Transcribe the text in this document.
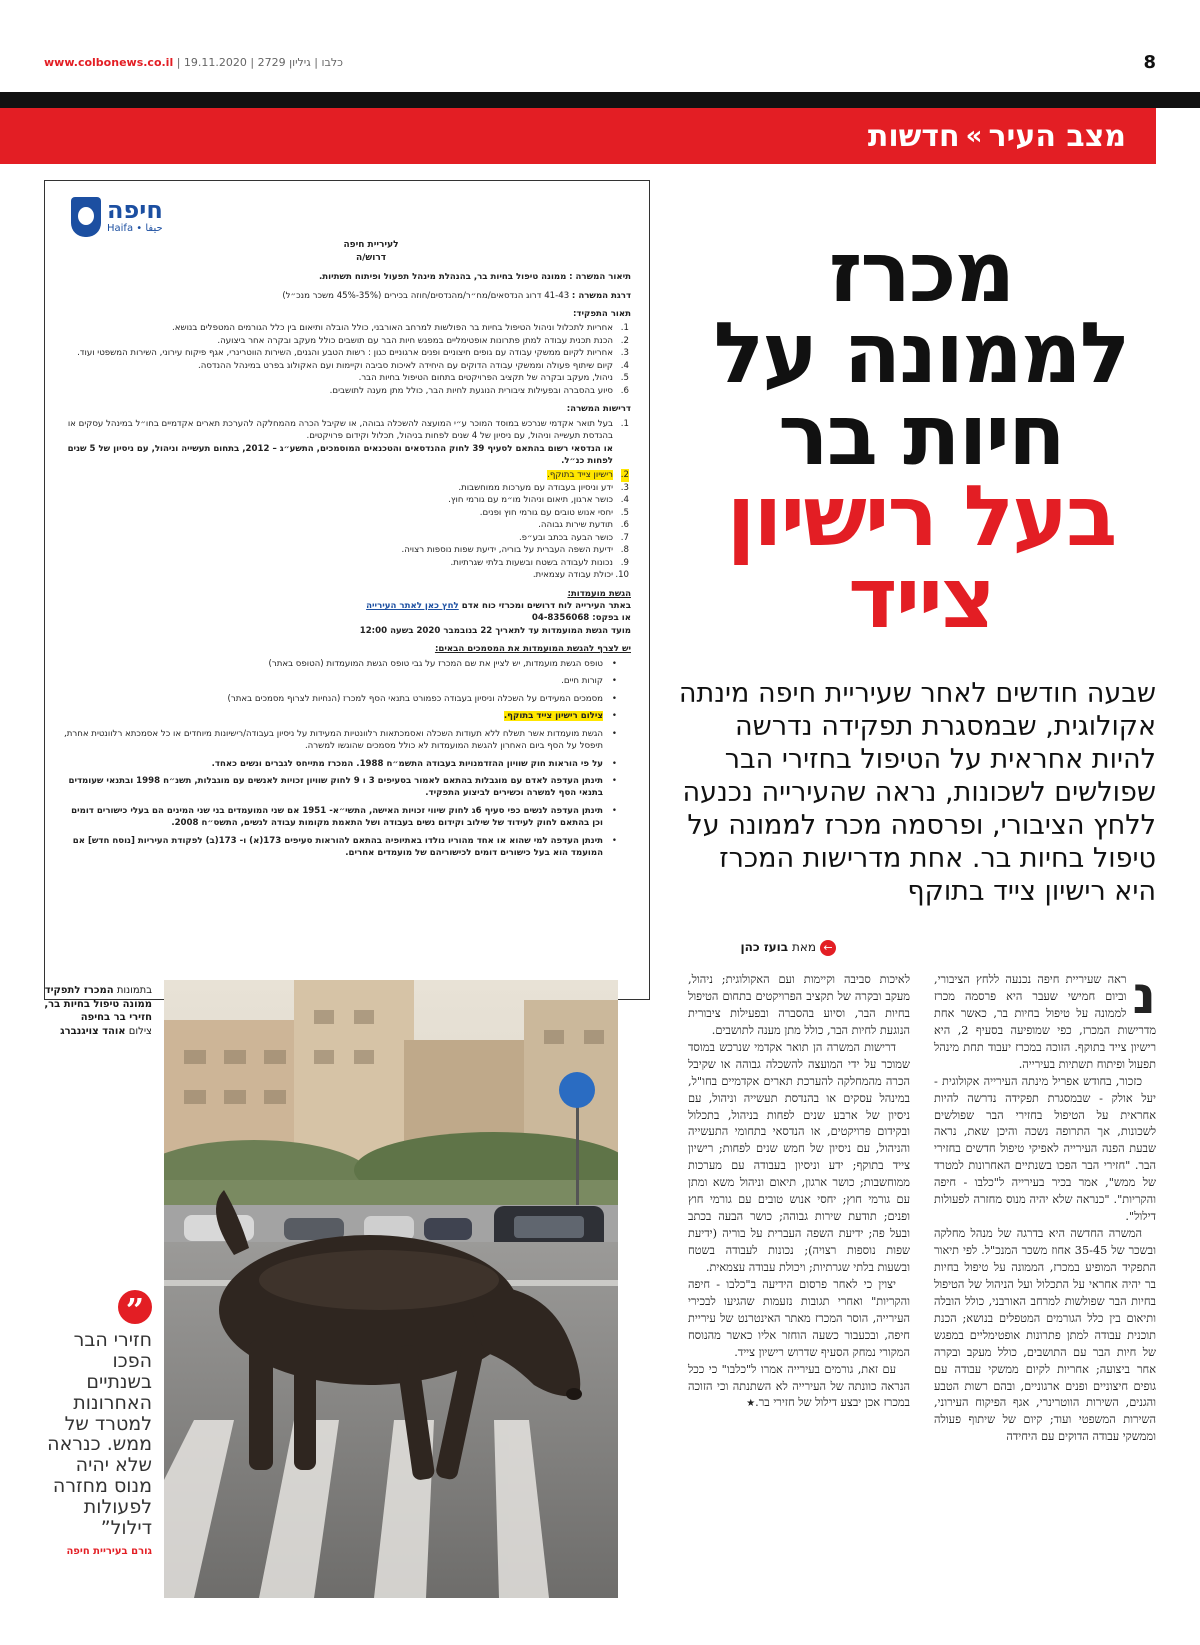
www.colbonews.co.il | כלבו | גיליון 2729 | 19.11.2020	8
מצב העיר
»
חדשות
חיפה
Haifa • حيفا
לעיריית חיפה
דרוש/ה
תיאור המשרה : ממונה טיפול בחיות בר, בהנהלת מינהל תפעול ופיתוח תשתיות.
דרגת המשרה : 41-43 דרוג הנדסאים/מח״ר/מהנדסים/חוזה בכירים (35%-45% משכר מנכ״ל)
תאור התפקיד:
1.
אחריות לתכלול וניהול הטיפול בחיות בר הפולשות למרחב האורבני, כולל הובלה ותיאום בין כלל הגורמים המטפלים בנושא.
2.
הכנת תכנית עבודה למתן פתרונות אופטימליים במפגש חיות הבר עם תושבים כולל מעקב ובקרה אחר ביצועה.
3.
אחריות לקיום ממשקי עבודה עם גופים חיצוניים ופנים ארגוניים כגון : רשות הטבע והגנים, השירות הווטרינרי, אגף פיקוח עירוני, השירות המשפטי ועוד.
4.
קיום שיתוף פעולה וממשקי עבודה הדוקים עם היחידה לאיכות סביבה וקיימות ועם האקולוג בפרט במינהל ההנדסה.
5.
ניהול, מעקב ובקרה של תקציב הפרויקטים בתחום הטיפול בחיות הבר.
6.
סיוע בהסברה ובפעילות ציבורית הנוגעת לחיות הבר, כולל מתן מענה לתושבים.
דרישות המשרה:
1.
בעל תואר אקדמי שנרכש במוסד המוכר ע״י המועצה להשכלה גבוהה, או שקיבל הכרה מהמחלקה להערכת תארים אקדמיים בחו״ל במינהל עסקים או בהנדסת תעשייה וניהול, עם ניסיון של 4 שנים לפחות בניהול, תכלול וקידום פרויקטים.
או הנדסאי רשום בהתאם לסעיף 39 לחוק ההנדסאים והטכנאים המוסמכים, התשע״ג – 2012, בתחום תעשייה וניהול, עם ניסיון של 5 שנים לפחות כנ״ל.
2.
רישיון צייד בתוקף.
3.
ידע וניסיון בעבודה עם מערכות ממוחשבות.
4.
כושר ארגון, תיאום וניהול מו״מ עם גורמי חוץ.
5.
יחסי אנוש טובים עם גורמי חוץ ופנים.
6.
תודעת שירות גבוהה.
7.
כושר הבעה בכתב ובע״פ.
8.
ידיעת השפה העברית על בוריה, ידיעת שפות נוספות רצויה.
9.
נכונות לעבודה בשטח ובשעות בלתי שגרתיות.
10.
יכולת עבודה עצמאית.
הגשת מועמדות:
באתר העירייה לוח דרושים ומכרזי כוח אדם לחץ כאן לאתר העירייה
או בפקס: 04-8356068
מועד הגשת המועמדות עד לתאריך 22 בנובמבר 2020 בשעה 12:00
יש לצרף להגשת המועמדות את המסמכים הבאים:
• טופס הגשת מועמדות, יש לציין את שם המכרז על גבי טופס הגשת המועמדות (הטופס באתר)
• קורות חיים.
• מסמכים המעידים על השכלה וניסיון בעבודה כפמורט בתנאי הסף למכרז (הנחיות לצרוף מסמכים באתר)
• צילום רישיון צייד בתוקף.
• הגשת מועמדות אשר תשלח ללא תעודות השכלה ואסמכתאות רלוונטיות המעידות על ניסיון בעבודה/רישיונות מיוחדים או כל אסמכתא רלוונטית אחרת, תיפסל על הסף ביום האחרון להגשת המועמדות לא כולל מסמכים שהוגשו למשרה.
• על פי הוראות חוק שוויון ההזדמנויות בעבודה התשמ״ח 1988. המכרז מתייחס לגברים ונשים כאחד.
• תינתן העדפה לאדם עם מוגבלות בהתאם לאמור בסעיפים 3 ו 9 לחוק שוויון זכויות לאנשים עם מוגבלות, תשנ״ח 1998 ובתנאי שעומדים בתנאי הסף למשרה וכשירים לביצוע התפקיד.
• תינתן העדפה לנשים כפי סעיף 6ג לחוק שיווי זכויות האישה, התשי״א- 1951 אם שני המועמדים בני שני המינים הם בעלי כישורים דומים וכן בהתאם לחוק לעידוד של שילוב וקידום נשים בעבודה ושל התאמת מקומות עבודה לנשים, התשס״ח 2008.
• תינתן העדפה למי שהוא או אחד מהוריו נולדו באתיופיה בהתאם להוראות סעיפים 173(א) ו- 173(ב) לפקודת העיריות [נוסח חדש] אם המועמד הוא בעל כישורים דומים לכישוריהם של מועמדים אחרים.
מכרז
לממונה על
חיות בר
בעל רישיון
צייד
שבעה חודשים לאחר שעיריית חיפה מינתה אקולוגית, שבמסגרת תפקידה נדרשה להיות אחראית על הטיפול בחזירי הבר שפולשים לשכונות, נראה שהעירייה נכנעה ללחץ הציבורי, ופרסמה מכרז לממונה על טיפול בחיות בר. אחת מדרישות המכרז היא רישיון צייד בתוקף
←מאת בועז כהן
נ

ראה שעיריית חיפה נכנעה ללחץ הציבורי, וביום חמישי שעבר היא פרסמה מכרז לממונה על טיפול בחיות בר, כאשר אחת מדרישות המכרז, כפי שמופיעה בסעיף 2, היא רישיון צייד בתוקף. הזוכה במכרז יעבוד תחת מינהל תפעול ופיתוח תשתיות בעירייה.

כזכור, בחודש אפריל מינתה העירייה אקולוגית - יעל אולק - שבמסגרת תפקידה נדרשה להיות אחראית על הטיפול בחזירי הבר שפולשים לשכונות, אך התרופה נשכה והיכן שאת, נראה שבעת הפנה העירייה לאפיקי טיפול חדשים בחזירי הבר. "חזירי הבר הפכו בשנתיים האחרונות למטרד של ממש", אמר בכיר בעירייה ל"כלבו - חיפה והקריות". "כנראה שלא יהיה מנוס מחזרה לפעולות דילול".

המשרה החדשה היא בדרגה של מנהל מחלקה ובשכר של 35-45 אחוז משכר המנכ"ל. לפי תיאור התפקיד המופיע במכרז, הממונה על טיפול בחיות בר יהיה אחראי על התכלול ועל הניהול של הטיפול בחיות הבר שפולשות למרחב האורבני, כולל הובלה ותיאום בין כלל הגורמים המטפלים בנושא; הכנת תוכנית עבודה למתן פתרונות אופטימליים במפגש של חיות הבר עם התושבים, כולל מעקב ובקרה אחר ביצועה; אחריות לקיום ממשקי עבודה עם גופים חיצוניים ופנים ארגוניים, ובהם רשות הטבע והגנים, השירות הווטרינרי, אגף הפיקוח העירוני, השירות המשפטי ועוד; קיום של שיתוף פעולה וממשקי עבודה הדוקים עם היחידה

לאיכות סביבה וקיימות ועם האקולוגית; ניהול, מעקב ובקרה של תקציב הפרויקטים בתחום הטיפול בחיות הבר, וסיוע בהסברה ובפעילות ציבורית הנוגעת לחיות הבר, כולל מתן מענה לתושבים.

דרישות המשרה הן תואר אקדמי שנרכש במוסד שמוכר על ידי המועצה להשכלה גבוהה או שקיבל הכרה מהמחלקה להערכת תארים אקדמיים בחו"ל, במינהל עסקים או בהנדסת תעשייה וניהול, עם ניסיון של ארבע שנים לפחות בניהול, בתכלול ובקידום פרויקטים, או הנדסאי בתחומי התעשייה והניהול, עם ניסיון של חמש שנים לפחות; רישיון צייד בתוקף; ידע וניסיון בעבודה עם מערכות ממוחשבות; כושר ארגון, תיאום וניהול משא ומתן עם גורמי חוץ; יחסי אנוש טובים עם גורמי חוץ ופנים; תודעת שירות גבוהה; כושר הבעה בכתב ובעל פה; ידיעת השפה העברית על בוריה (ידיעת שפות נוספות רצויה); נכונות לעבודה בשטח ובשעות בלתי שגרתיות; ויכולת עבודה עצמאית.

יצוין כי לאחר פרסום הידיעה ב"כלבו - חיפה והקריות" ואחרי תגובות נזעמות שהגיעו לבכירי העירייה, הוסר המכרז מאתר האינטרנט של עיריית חיפה, ובכעבור כשעה הוחזר אליו כאשר מהנוסח המקורי נמחק הסעיף שדרוש רישיון צייד.

עם זאת, גורמים בעירייה אמרו ל"כלבו" כי ככל הנראה כוונתה של העירייה לא השתנתה וכי הזוכה במכרז אכן יבצע דילול של חזירי בר.★

בתמונות המכרז לתפקיד ממונה טיפול בחיות בר, חזירי בר בחיפה
צילום אוהד צויגנברג
”
חזירי הבר הפכו בשנתיים האחרונות למטרד של ממש. כנראה שלא יהיה מנוס מחזרה לפעולות דילול”
גורם בעיריית חיפה
